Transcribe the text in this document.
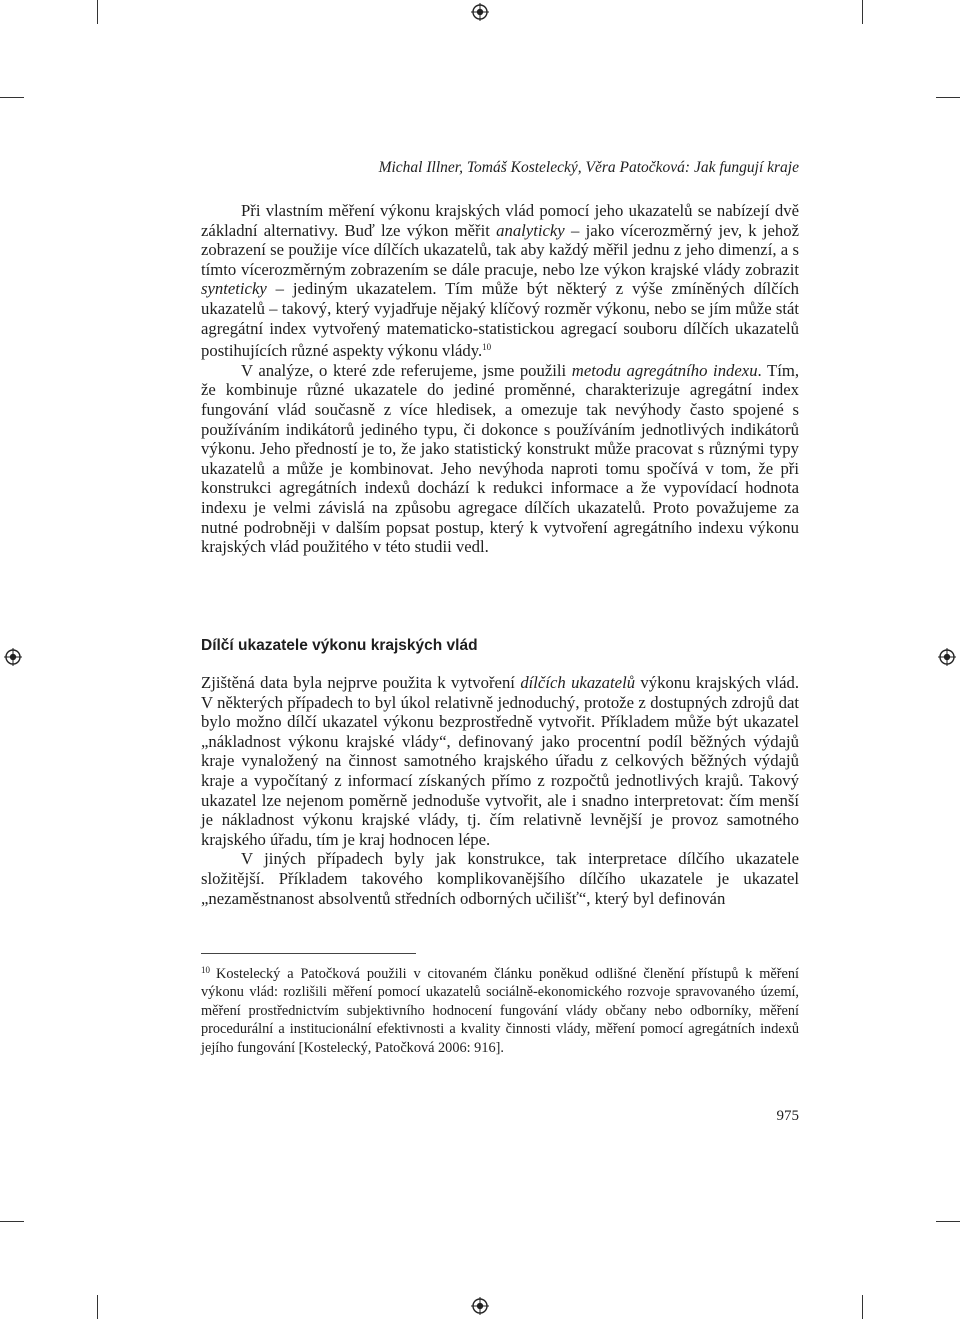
Michal Illner, Tomáš Kostelecký, Věra Patočková: Jak fungují kraje

Při vlastním měření výkonu krajských vlád pomocí jeho ukazatelů se nabízejí dvě základní alternativy. Buď lze výkon měřit analyticky – jako vícerozměrný jev, k jehož zobrazení se použije více dílčích ukazatelů, tak aby každý měřil jednu z jeho dimenzí, a s tímto vícerozměrným zobrazením se dále pracuje, nebo lze výkon krajské vlády zobrazit synteticky – jediným ukazatelem. Tím může být některý z výše zmíněných dílčích ukazatelů – takový, který vyjadřuje nějaký klíčový rozměr výkonu, nebo se jím může stát agregátní index vytvořený matematicko-statistickou agregací souboru dílčích ukazatelů postihujících různé aspekty výkonu vlády.$^{10}$

V analýze, o které zde referujeme, jsme použili metodu agregátního indexu. Tím, že kombinuje různé ukazatele do jediné proměnné, charakterizuje agregátní index fungování vlád současně z více hledisek, a omezuje tak nevýhody často spojené s používáním indikátorů jediného typu, či dokonce s používáním jednotlivých indikátorů výkonu. Jeho předností je to, že jako statistický konstrukt může pracovat s různými typy ukazatelů a může je kombinovat. Jeho nevýhoda naproti tomu spočívá v tom, že při konstrukci agregátních indexů dochází k redukci informace a že vypovídací hodnota indexu je velmi závislá na způsobu agregace dílčích ukazatelů. Proto považujeme za nutné podrobněji v dalším popsat postup, který k vytvoření agregátního indexu výkonu krajských vlád použitého v této studii vedl.

Dílčí ukazatele výkonu krajských vlád

Zjištěná data byla nejprve použita k vytvoření dílčích ukazatelů výkonu krajských vlád. V některých případech to byl úkol relativně jednoduchý, protože z dostupných zdrojů dat bylo možno dílčí ukazatel výkonu bezprostředně vytvořit. Příkladem může být ukazatel „nákladnost výkonu krajské vlády“, definovaný jako procentní podíl běžných výdajů kraje vynaložený na činnost samotného krajského úřadu z celkových běžných výdajů kraje a vypočítaný z informací získaných přímo z rozpočtů jednotlivých krajů. Takový ukazatel lze nejenom poměrně jednoduše vytvořit, ale i snadno interpretovat: čím menší je nákladnost výkonu krajské vlády, tj. čím relativně levnější je provoz samotného krajského úřadu, tím je kraj hodnocen lépe.

V jiných případech byly jak konstrukce, tak interpretace dílčího ukazatele složitější. Příkladem takového komplikovanějšího dílčího ukazatele je ukazatel „nezaměstnanost absolventů středních odborných učilišť“, který byl definován

$^{10}$ Kostelecký a Patočková použili v citovaném článku poněkud odlišné členění přístupů k měření výkonu vlád: rozlišili měření pomocí ukazatelů sociálně-ekonomického rozvoje spravovaného území, měření prostřednictvím subjektivního hodnocení fungování vlády občany nebo odborníky, měření procedurální a institucionální efektivnosti a kvality činnosti vlády, měření pomocí agregátních indexů jejího fungování [Kostelecký, Patočková 2006: 916].
975
